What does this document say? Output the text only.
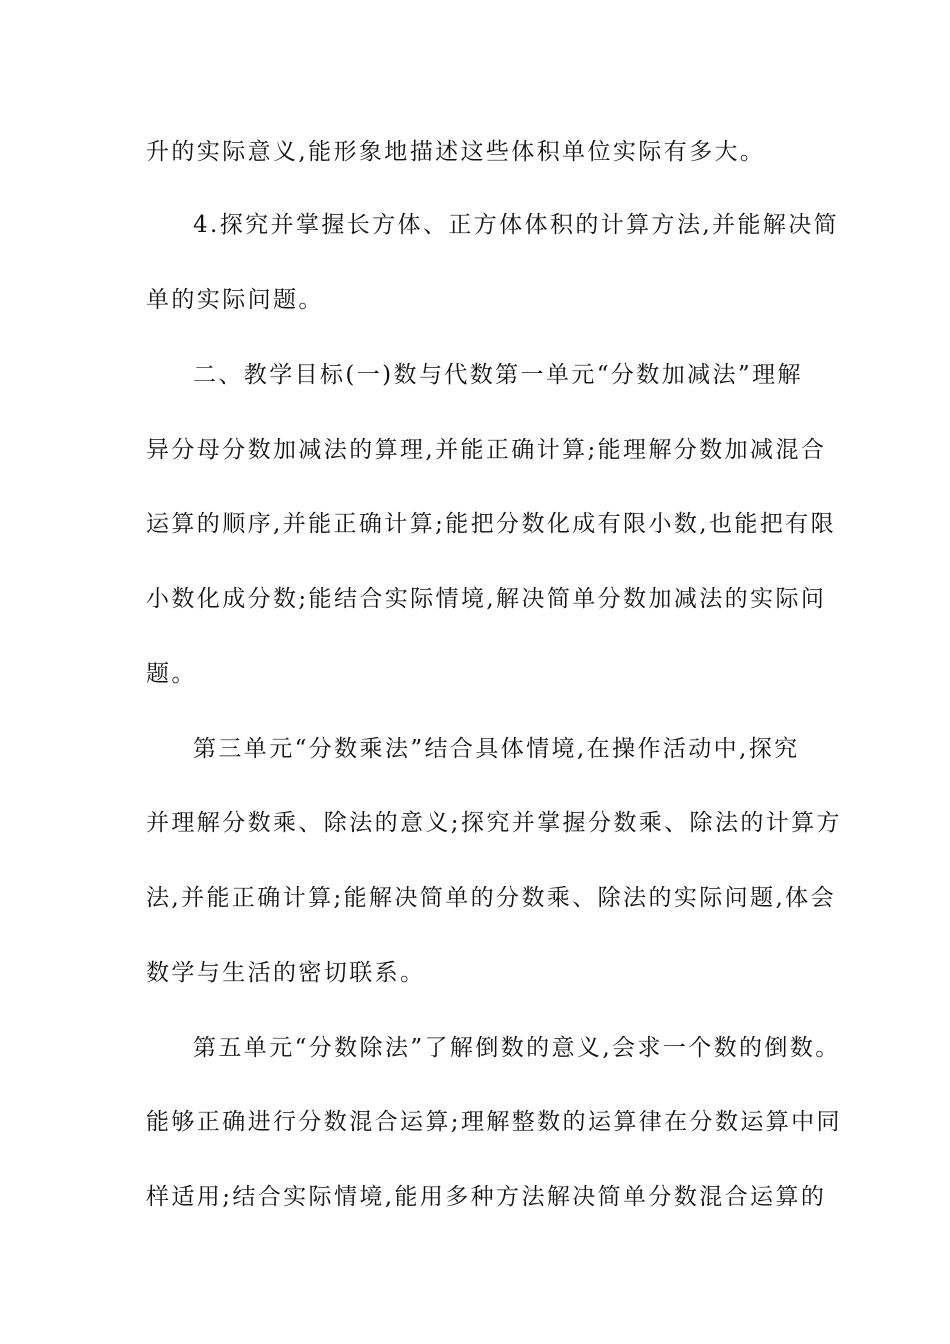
升的实际意义,能形象地描述这些体积单位实际有多大。
4.探究并掌握长方体、正方体体积的计算方法,并能解决简
单的实际问题。
二、教学目标(一)数与代数第一单元“分数加减法”理解
异分母分数加减法的算理,并能正确计算;能理解分数加减混合
运算的顺序,并能正确计算;能把分数化成有限小数,也能把有限
小数化成分数;能结合实际情境,解决简单分数加减法的实际问
题。
第三单元“分数乘法”结合具体情境,在操作活动中,探究
并理解分数乘、除法的意义;探究并掌握分数乘、除法的计算方
法,并能正确计算;能解决简单的分数乘、除法的实际问题,体会
数学与生活的密切联系。
第五单元“分数除法”了解倒数的意义,会求一个数的倒数。
能够正确进行分数混合运算;理解整数的运算律在分数运算中同
样适用;结合实际情境,能用多种方法解决简单分数混合运算的
